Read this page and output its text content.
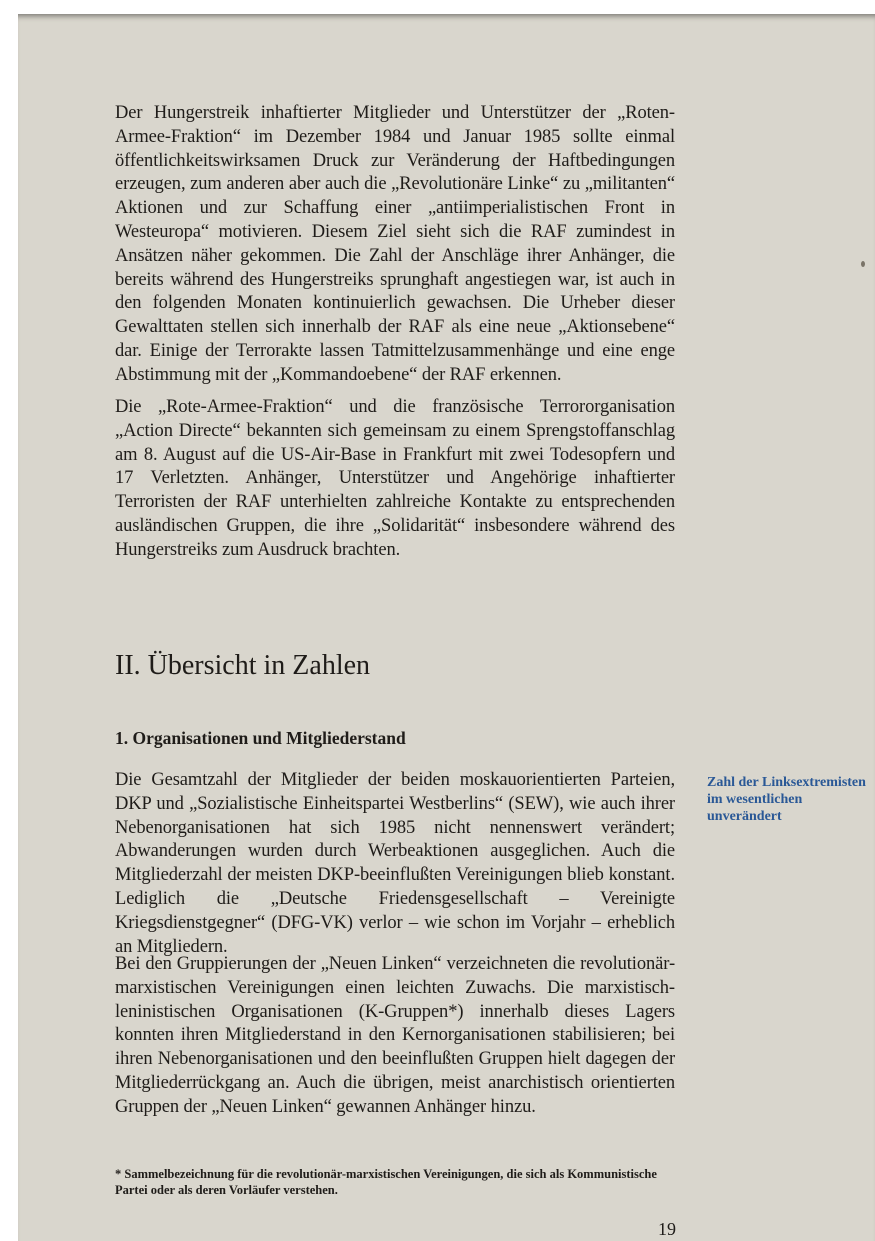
Der Hungerstreik inhaftierter Mitglieder und Unterstützer der „Roten-Armee-Fraktion“ im Dezember 1984 und Januar 1985 sollte einmal öffentlichkeitswirksamen Druck zur Veränderung der Haftbedingungen erzeugen, zum anderen aber auch die „Revolutionäre Linke“ zu „militanten“ Aktionen und zur Schaffung einer „antiimperialistischen Front in Westeuropa“ motivieren. Diesem Ziel sieht sich die RAF zumindest in Ansätzen näher gekommen. Die Zahl der Anschläge ihrer Anhänger, die bereits während des Hungerstreiks sprunghaft angestiegen war, ist auch in den folgenden Monaten kontinuierlich gewachsen. Die Urheber dieser Gewalttaten stellen sich innerhalb der RAF als eine neue „Aktionsebene“ dar. Einige der Terrorakte lassen Tatmittelzusammenhänge und eine enge Abstimmung mit der „Kommandoebene“ der RAF erkennen.

Die „Rote-Armee-Fraktion“ und die französische Terrororganisation „Action Directe“ bekannten sich gemeinsam zu einem Sprengstoffanschlag am 8. August auf die US-Air-Base in Frankfurt mit zwei Todesopfern und 17 Verletzten. Anhänger, Unterstützer und Angehörige inhaftierter Terroristen der RAF unterhielten zahlreiche Kontakte zu entsprechenden ausländischen Gruppen, die ihre „Solidarität“ insbesondere während des Hungerstreiks zum Ausdruck brachten.

II. Übersicht in Zahlen
1. Organisationen und Mitgliederstand

Die Gesamtzahl der Mitglieder der beiden moskauorientierten Parteien, DKP und „Sozialistische Einheitspartei Westberlins“ (SEW), wie auch ihrer Nebenorganisationen hat sich 1985 nicht nennenswert verändert; Abwanderungen wurden durch Werbeaktionen ausgeglichen. Auch die Mitgliederzahl der meisten DKP-beeinflußten Vereinigungen blieb konstant. Lediglich die „Deutsche Friedensgesellschaft – Vereinigte Kriegsdienstgegner“ (DFG-VK) verlor – wie schon im Vorjahr – erheblich an Mitgliedern.

Bei den Gruppierungen der „Neuen Linken“ verzeichneten die revolutionär-marxistischen Vereinigungen einen leichten Zuwachs. Die marxistisch-leninistischen Organisationen (K-Gruppen*) innerhalb dieses Lagers konnten ihren Mitgliederstand in den Kernorganisationen stabilisieren; bei ihren Nebenorganisationen und den beeinflußten Gruppen hielt dagegen der Mitgliederrückgang an. Auch die übrigen, meist anarchistisch orientierten Gruppen der „Neuen Linken“ gewannen Anhänger hinzu.

Zahl der Linksextremisten im wesentlichen unverändert

* Sammelbezeichnung für die revolutionär-marxistischen Vereinigungen, die sich als Kommunistische Partei oder als deren Vorläufer verstehen.

19
